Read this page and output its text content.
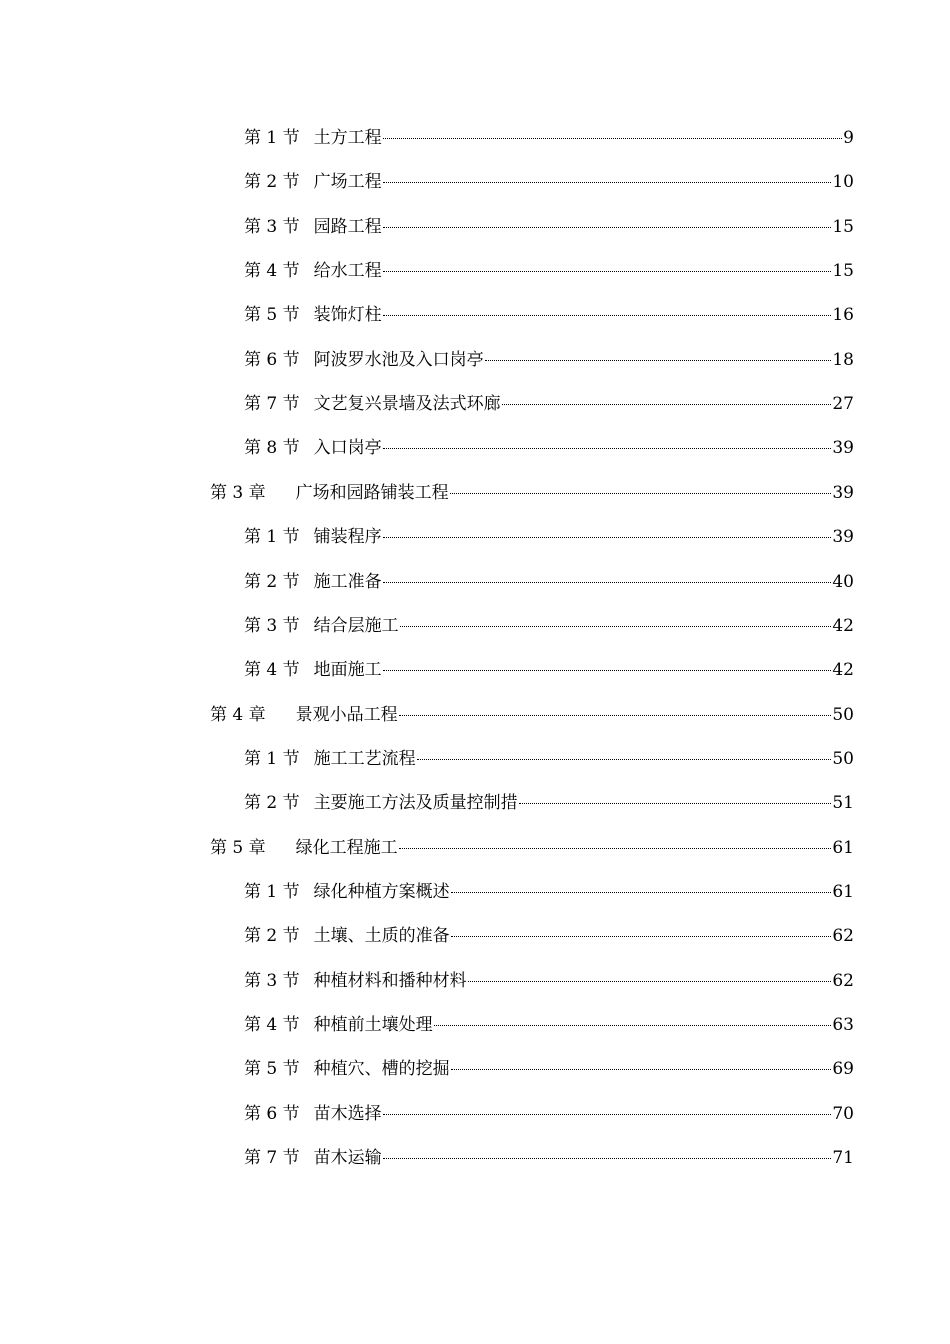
第 1 节 土方工程	9
第 2 节 广场工程	10
第 3 节 园路工程	15
第 4 节 给水工程	15
第 5 节 装饰灯柱	16
第 6 节 阿波罗水池及入口岗亭	18
第 7 节 文艺复兴景墙及法式环廊	27
第 8 节 入口岗亭	39
第 3 章 广场和园路铺装工程	39
第 1 节 铺装程序	39
第 2 节 施工准备	40
第 3 节 结合层施工	42
第 4 节 地面施工	42
第 4 章 景观小品工程	50
第 1 节 施工工艺流程	50
第 2 节 主要施工方法及质量控制措	51
第 5 章 绿化工程施工	61
第 1 节 绿化种植方案概述	61
第 2 节 土壤、土质的准备	62
第 3 节 种植材料和播种材料	62
第 4 节 种植前土壤处理	63
第 5 节 种植穴、槽的挖掘	69
第 6 节 苗木选择	70
第 7 节 苗木运输	71
